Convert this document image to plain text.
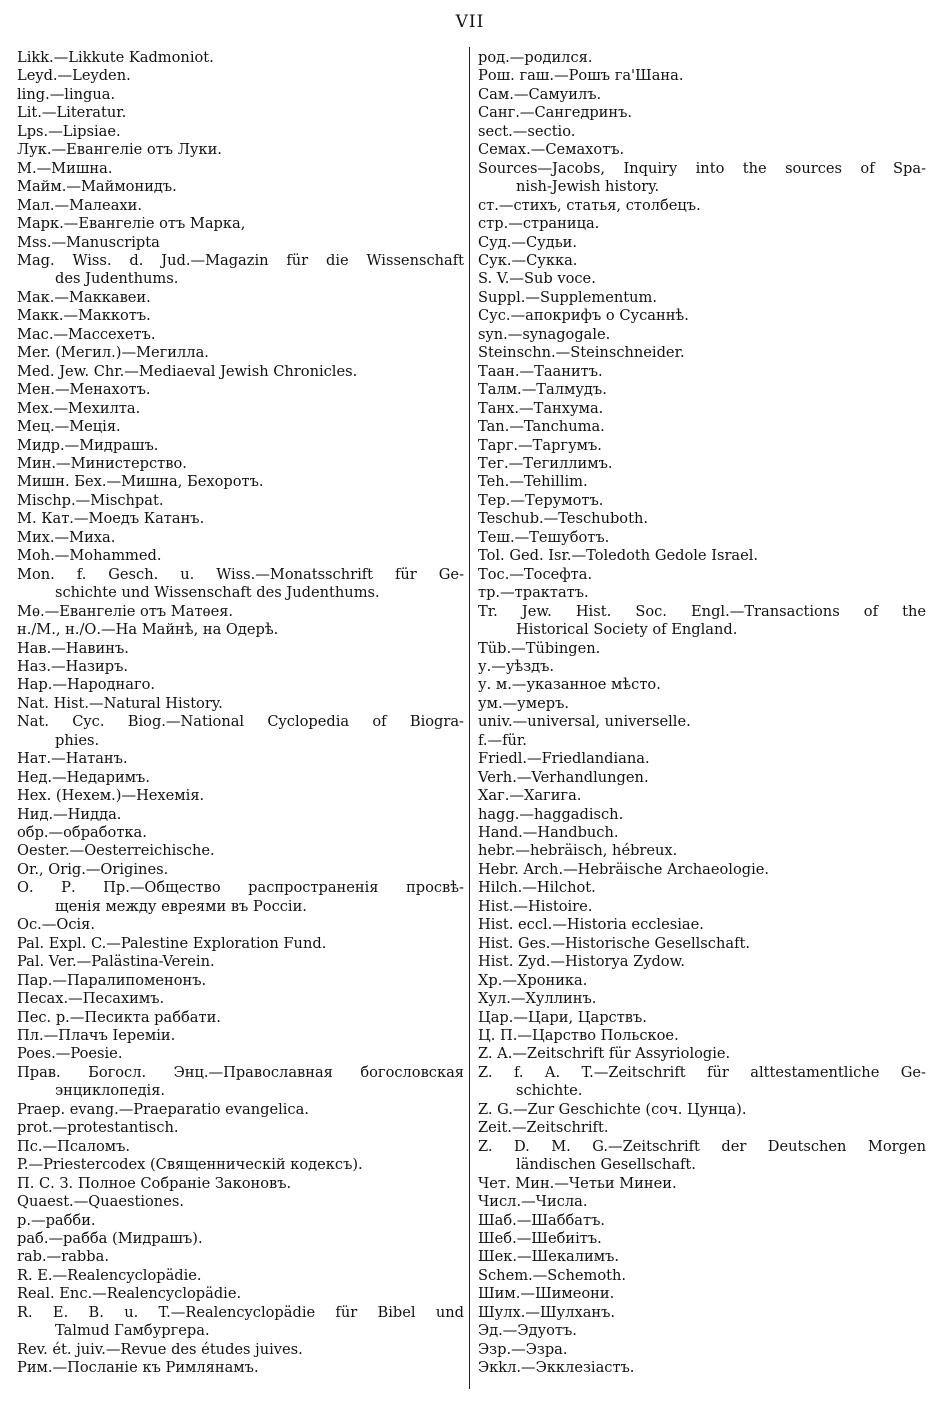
VII
Likk.—Likkute Kadmoniot.
Leyd.—Leyden.
ling.—lingua.
Lit.—Literatur.
Lps.—Lipsiae.
Лук.—Евангеліе отъ Луки.
M.—Мишна.
Майм.—Маймонидъ.
Мал.—Малеахи.
Марк.—Евангеліе отъ Марка,
Mss.—Manuscripta
Mag. Wiss. d. Jud.—Magazin für die Wissenschaft
des Judenthums.
Мак.—Маккавеи.
Макк.—Маккотъ.
Mac.—Массехетъ.
Mer. (Мегил.)—Мегилла.
Med. Jew. Chr.—Mediaeval Jewish Chronicles.
Мен.—Менахотъ.
Мех.—Мехилта.
Мец.—Меція.
Мидр.—Мидрашъ.
Мин.—Министерство.
Мишн. Бех.—Мишна, Бехоротъ.
Mischp.—Mischpat.
М. Кат.—Моедъ Катанъ.
Мих.—Миха.
Moh.—Mohammed.
Mon. f. Gesch. u. Wiss.—Monatsschrift für Ge-
schichte und Wissenschaft des Judenthums.
Мѳ.—Евангеліе отъ Матѳея.
н./М., н./О.—На Майнѣ, на Одерѣ.
Нав.—Навинъ.
Наз.—Назиръ.
Нар.—Народнаго.
Nat. Hist.—Natural History.
Nat. Cyc. Biog.—National Cyclopedia of Biogra-
phies.
Нат.—Натанъ.
Нед.—Недаримъ.
Нех. (Нехем.)—Нехемія.
Нид.—Нидда.
обр.—обработка.
Oester.—Oesterreichische.
Or., Orig.—Origines.
О. Р. Пр.—Общество распространенія просвѣ-
щенія между евреями въ Россіи.
Ос.—Осія.
Pal. Expl. C.—Palestine Exploration Fund.
Pal. Ver.—Palästina-Verein.
Пар.—Паралипоменонъ.
Песах.—Песахимъ.
Пес. р.—Песикта раббати.
Пл.—Плачъ Іереміи.
Poes.—Poesie.
Прав. Богосл. Энц.—Православная богословская
энциклопедія.
Praep. evang.—Praeparatio evangelica.
prot.—protestantisch.
Пс.—Псаломъ.
P.—Priestercodex (Священническій кодексъ).
П. С. З. Полное Собраніе Законовъ.
Quaest.—Quaestiones.
р.—рабби.
раб.—рабба (Мидрашъ).
rab.—rabba.
R. E.—Realencyclopädie.
Real. Enc.—Realencyclopädie.
R. E. B. u. T.—Realencyclopädie für Bibel und
Talmud Гамбургера.
Rev. ét. juiv.—Revue des études juives.
Рим.—Посланіе къ Римлянамъ.
род.—родился.
Рош. гаш.—Рошъ га'Шана.
Сам.—Самуилъ.
Санг.—Сангедринъ.
sect.—sectio.
Семах.—Семахотъ.
Sources—Jacobs, Inquiry into the sources of Spa-
nish-Jewish history.
ст.—стихъ, статья, столбецъ.
стр.—страница.
Суд.—Судьи.
Сук.—Сукка.
S. V.—Sub voce.
Suppl.—Supplementum.
Сус.—апокрифъ о Сусаннѣ.
syn.—synagogale.
Steinschn.—Steinschneider.
Таан.—Таанитъ.
Талм.—Талмудъ.
Танх.—Танхума.
Tan.—Tanchuma.
Тарг.—Таргумъ.
Тег.—Тегиллимъ.
Teh.—Tehillim.
Тер.—Терумотъ.
Teschub.—Teschuboth.
Тeш.—Тешуботъ.
Tol. Ged. Isr.—Toledoth Gedole Israel.
Тос.—Тосефта.
тр.—трактатъ.
Tr. Jew. Hist. Soc. Engl.—Transactions of the
Historical Society of England.
Tüb.—Tübingen.
у.—уѣздъ.
у. м.—указанное мѣсто.
ум.—умеръ.
univ.—universal, universelle.
f.—für.
Friedl.—Friedlandiana.
Verh.—Verhandlungen.
Хаг.—Хагига.
hagg.—haggadisch.
Hand.—Handbuch.
hebr.—hebräisch, hébreux.
Hebr. Arch.—Hebräische Archaeologie.
Hilch.—Hilchot.
Hist.—Histoire.
Hist. eccl.—Historia ecclesiae.
Hist. Ges.—Historische Gesellschaft.
Hist. Zyd.—Historya Zydow.
Хр.—Хроника.
Хул.—Хуллинъ.
Цар.—Цари, Царствъ.
Ц. П.—Царство Польское.
Z. A.—Zeitschrift für Assyriologie.
Z. f. A. T.—Zeitschrift für alttestamentliche Ge-
schichte.
Z. G.—Zur Geschichte (соч. Цунца).
Zeit.—Zeitschrift.
Z. D. M. G.—Zeitschrift der Deutschen Morgen
ländischen Gesellschaft.
Чет. Мин.—Четьи Минеи.
Числ.—Числа.
Шаб.—Шаббатъ.
Шеб.—Шебиітъ.
Шек.—Шекалимъ.
Schem.—Schemoth.
Шим.—Шимеони.
Шулх.—Шулханъ.
Эд.—Эдуотъ.
Эзр.—Эзра.
Экkл.—Экклезіастъ.
